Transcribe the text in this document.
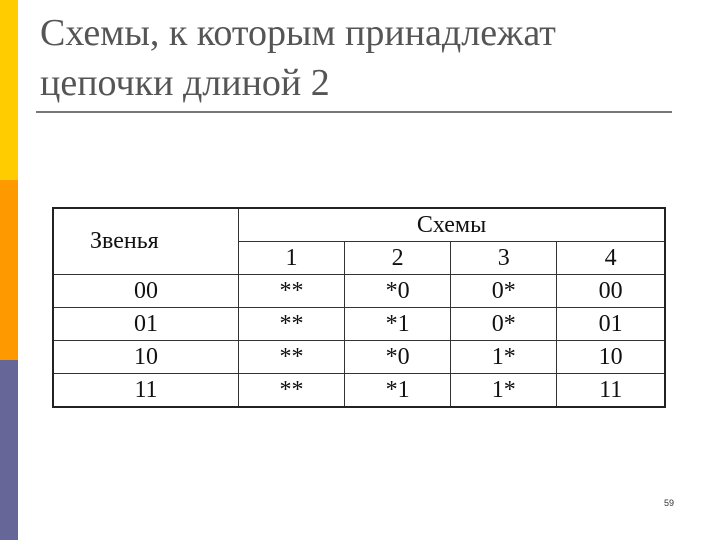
Схемы, к которым принадлежат
цепочки длиной 2
Звенья	Схемы			
	1	2	3	4
00	**	*0	0*	00
01	**	*1	0*	01
10	**	*0	1*	10
11	**	*1	1*	11
59
